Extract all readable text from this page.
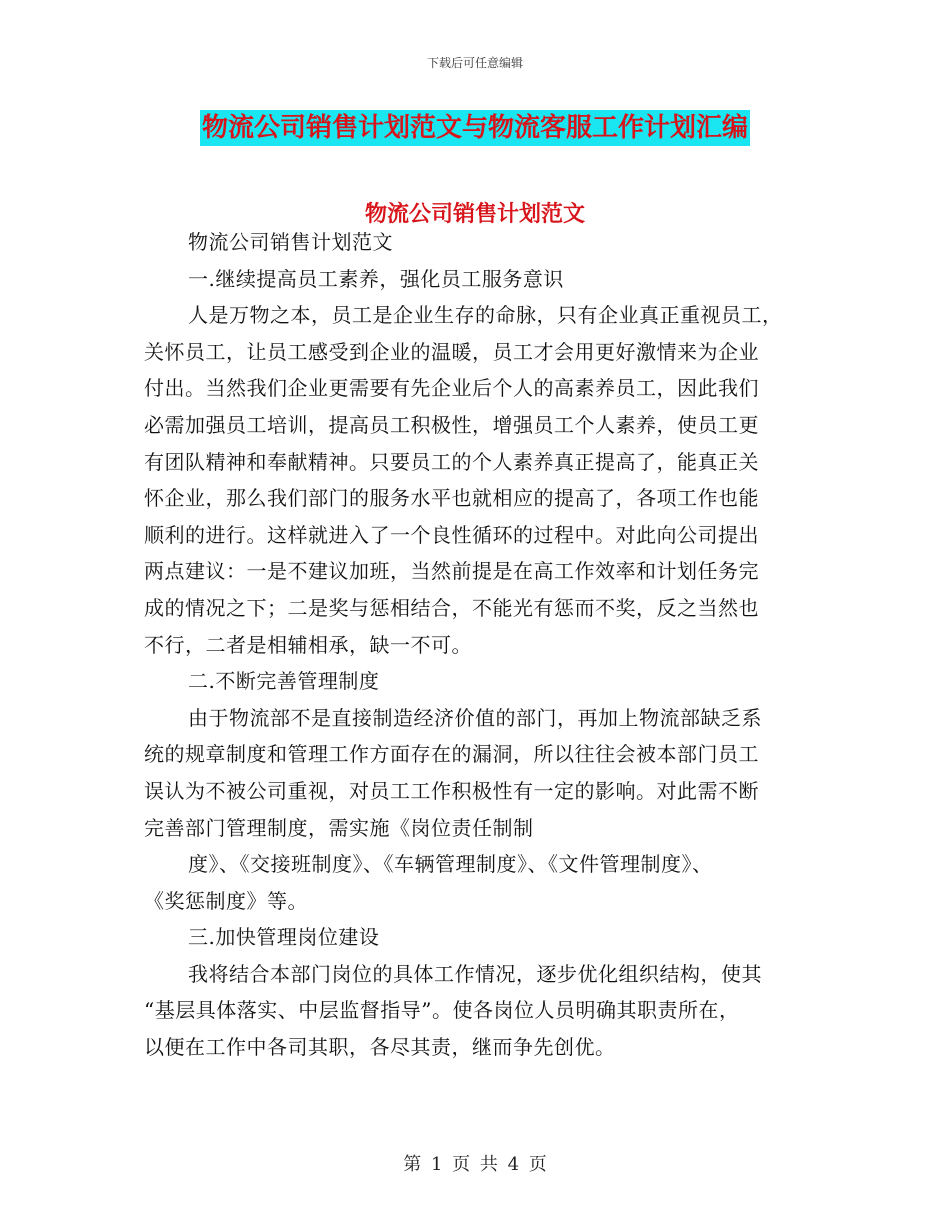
下载后可任意编辑
物流公司销售计划范文与物流客服工作计划汇编
物流公司销售计划范文
物流公司销售计划范文
一.继续提高员工素养，强化员工服务意识
人是万物之本，员工是企业生存的命脉，只有企业真正重视员工，
关怀员工，让员工感受到企业的温暖，员工才会用更好激情来为企业
付出。当然我们企业更需要有先企业后个人的高素养员工，因此我们
必需加强员工培训，提高员工积极性，增强员工个人素养，使员工更
有团队精神和奉献精神。只要员工的个人素养真正提高了，能真正关
怀企业，那么我们部门的服务水平也就相应的提高了，各项工作也能
顺利的进行。这样就进入了一个良性循环的过程中。对此向公司提出
两点建议：一是不建议加班，当然前提是在高工作效率和计划任务完
成的情况之下；二是奖与惩相结合，不能光有惩而不奖，反之当然也
不行，二者是相辅相承，缺一不可。
二.不断完善管理制度
由于物流部不是直接制造经济价值的部门，再加上物流部缺乏系
统的规章制度和管理工作方面存在的漏洞，所以往往会被本部门员工
误认为不被公司重视，对员工工作积极性有一定的影响。对此需不断
完善部门管理制度，需实施《岗位责任制制
度》、《交接班制度》、《车辆管理制度》、《文件管理制度》、
《奖惩制度》等。
三.加快管理岗位建设
我将结合本部门岗位的具体工作情况，逐步优化组织结构，使其
“基层具体落实、中层监督指导”。使各岗位人员明确其职责所在，
以便在工作中各司其职，各尽其责，继而争先创优。
第 1 页 共 4 页
